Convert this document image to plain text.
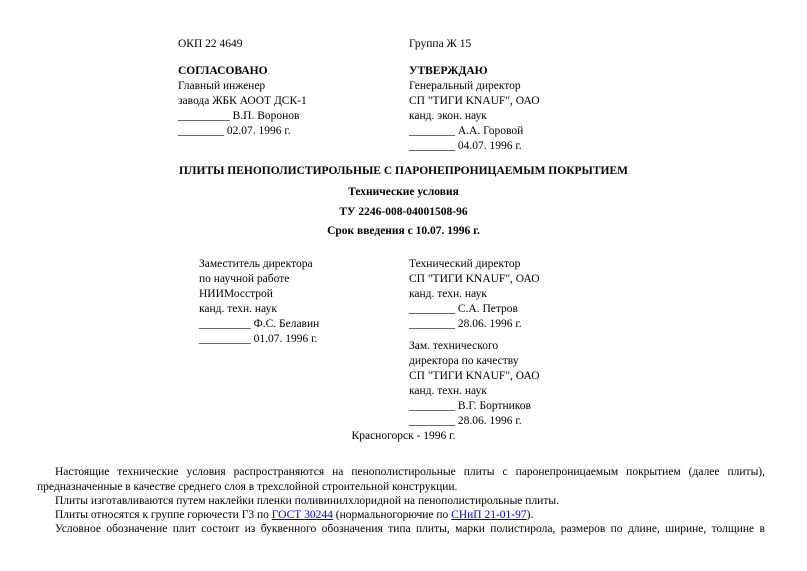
ОКП 22 4649	Группа Ж 15

СОГЛАСОВАНО

Главный инженер

завода ЖБК АООТ ДСК-1

_________ В.П. Воронов

________ 02.07. 1996 г.

УТВЕРЖДАЮ

Генеральный директор

СП "ТИГИ KNAUF", ОАО

канд. экон. наук

________ А.А. Горовой

________ 04.07. 1996 г.

ПЛИТЫ ПЕНОПОЛИСТИРОЛЬНЫЕ С ПАРОНЕПРОНИЦАЕМЫМ ПОКРЫТИЕМ
Технические условия
ТУ 2246-008-04001508-96
Срок введения с 10.07. 1996 г.

Заместитель директора

по научной работе

НИИМосстрой

канд. техн. наук

_________ Ф.С. Белавин

_________ 01.07. 1996 г.

Технический директор

СП "ТИГИ KNAUF", ОАО

канд. техн. наук

________ С.А. Петров

________ 28.06. 1996 г.

Зам. технического

директора по качеству

СП "ТИГИ KNAUF", ОАО

канд. техн. наук

________ В.Г. Бортников

________ 28.06. 1996 г.

Красногорск - 1996 г.

Настоящие технические условия распространяются на пенополистирольные плиты с паронепроницаемым покрытием (далее плиты), предназначенные в качестве среднего слоя в трехслойной строительной конструкции.

Плиты изготавливаются путем наклейки пленки поливинилхлоридной на пенополистирольные плиты.

Плиты относятся к группе горючести Г3 по ГОСТ 30244 (нормальногорючие по СНиП 21-01-97).

Условное обозначение плит состоит из буквенного обозначения типа плиты, марки полистирола, размеров по длине, ширине, толщине в
